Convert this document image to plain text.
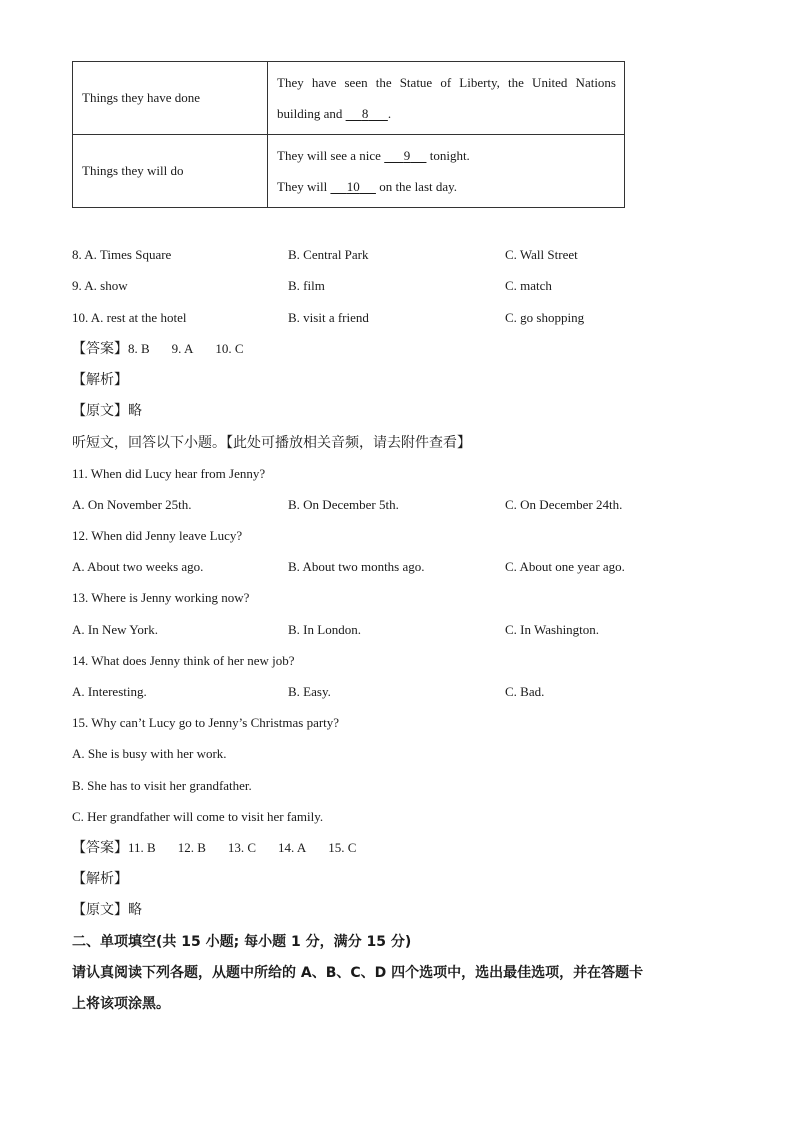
Things they have done	They have seen the Statue of Liberty, the United Nations
building and      8 .

Things they will do	They will see a nice       9      tonight.
They will      10      on the last day.
8. A. Times Square	B. Central Park	C. Wall Street
9. A. show	B. film	C. match
10. A. rest at the hotel	B. visit a friend	C. go shopping
【答案】8. B 9. A 10. C
【解析】
【原文】略
听短文，回答以下小题。【此处可播放相关音频，请去附件查看】
11. When did Lucy hear from Jenny?
A. On November 25th.	B. On December 5th.	C. On December 24th.
12. When did Jenny leave Lucy?
A. About two weeks ago.	B. About two months ago.	C. About one year ago.
13. Where is Jenny working now?
A. In New York.	B. In London.	C. In Washington.
14. What does Jenny think of her new job?
A. Interesting.	B. Easy.	C. Bad.
15. Why can’t Lucy go to Jenny’s Christmas party?
A. She is busy with her work.
B. She has to visit her grandfather.
C. Her grandfather will come to visit her family.
【答案】11. B 12. B 13. C 14. A 15. C
【解析】
【原文】略
二、单项填空(共 15 小题; 每小题 1 分，满分 15 分)
请认真阅读下列各题，从题中所给的 A、B、C、D 四个选项中，选出最佳选项，并在答题卡
上将该项涂黑。
